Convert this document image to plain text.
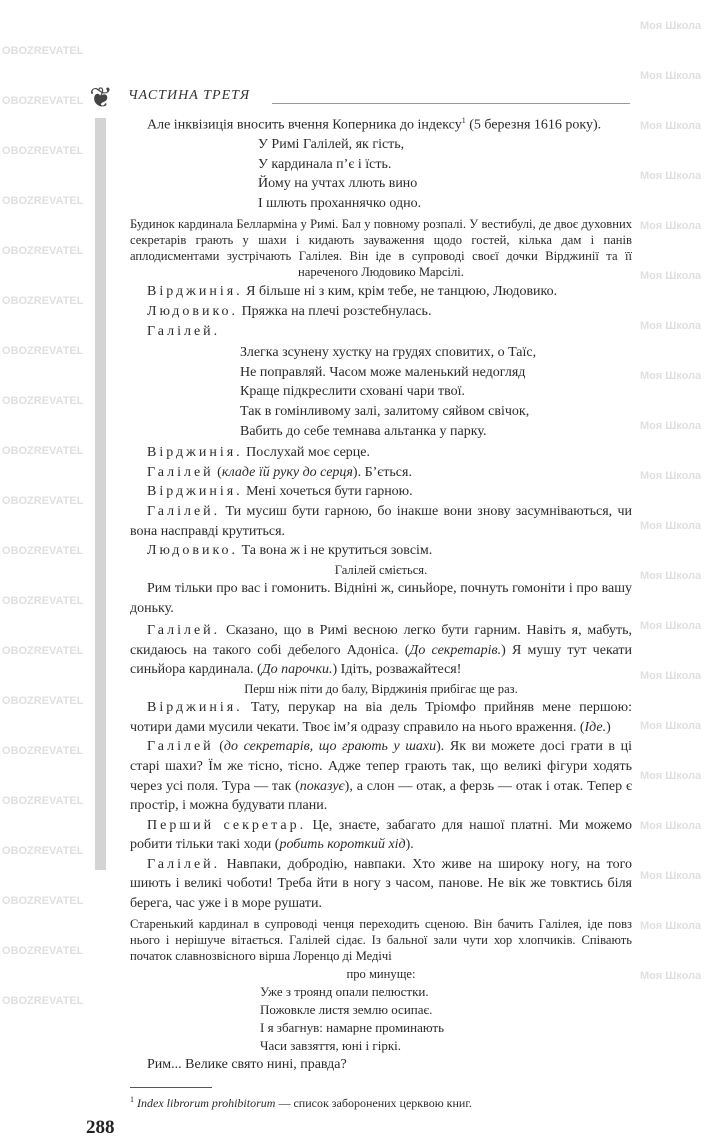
❦	ЧАСТИНА ТРЕТЯ

Але інквізиція вносить вчення Коперника до індексу$^1$ (5 березня 1616 року).

У Римі Галілей, як гість,
У кардинала п’є і їсть.
Йому на учтах ллють вино
І шлють проханнячко одно.
Будинок кардинала Белларміна у Римі. Бал у повному розпалі. У вестибулі, де двоє духовних секретарів грають у шахи і кидають зауваження щодо гостей, кілька дам і панів аплодисментами зустрічають Галілея. Він іде в супроводі своєї дочки Вірджинії та її нареченого Людовико Марсілі.

Вірджинія. Я більше ні з ким, крім тебе, не танцюю, Людовико.

Людовико. Пряжка на плечі розстебнулась.

Галілей.

Злегка зсунену хустку на грудях сповитих, о Таїс,
Не поправляй. Часом може маленький недогляд
Краще підкреслити сховані чари твої.
Так в гомінливому залі, залитому сяйвом свічок,
Вабить до себе темнава альтанка у парку.

Вірджинія. Послухай моє серце.

Галілей (кладе їй руку до серця). Б’ється.

Вірджинія. Мені хочеться бути гарною.

Галілей. Ти мусиш бути гарною, бо інакше вони знову засумніваються, чи вона насправді крутиться.

Людовико. Та вона ж і не крутиться зовсім.

Галілей сміється.

Рим тільки про вас і гомонить. Відніні ж, синьйоре, почнуть гомоніти і про вашу доньку.

Галілей. Сказано, що в Римі весною легко бути гарним. Навіть я, мабуть, скидаюсь на такого собі дебелого Адоніса. (До секретарів.) Я мушу тут чекати синьйора кардинала. (До парочки.) Ідіть, розважайтеся!

Перш ніж піти до балу, Вірджинія прибігає ще раз.

Вірджинія. Тату, перукар на віа дель Тріомфо прийняв мене першою: чотири дами мусили чекати. Твоє ім’я одразу справило на нього враження. (Іде.)

Галілей (до секретарів, що грають у шахи). Як ви можете досі грати в ці старі шахи? Їм же тісно, тісно. Адже тепер грають так, що великі фігури ходять через усі поля. Тура — так (показує), а слон — отак, а ферзь — отак і отак. Тепер є простір, і можна будувати плани.

Перший секретар. Це, знаєте, забагато для нашої платні. Ми можемо робити тільки такі ходи (робить короткий хід).

Галілей. Навпаки, добродію, навпаки. Хто живе на широку ногу, на того шиють і великі чоботи! Треба йти в ногу з часом, панове. Не вік же товктись біля берега, час уже і в море рушати.

Старенький кардинал в супроводі ченця переходить сценою. Він бачить Галілея, іде повз нього і нерішуче вітається. Галілей сідає. Із бальної зали чути хор хлопчиків. Співають початок славнозвісного вірша Лоренцо ді Медічі
про минуще:
Уже з троянд опали пелюстки.
Пожовкле листя землю осипає.
І я збагнув: намарне проминають
Часи завзяття, юні і гіркі.

Рим... Велике свято нині, правда?

$^1$ Index librorum prohibitorum — список заборонених церквою книг.
288
OBOZREVATEL
Моя Школа
OBOZREVATEL
Моя Школа
OBOZREVATEL
Моя Школа
OBOZREVATEL
Моя Школа
OBOZREVATEL
Моя Школа
OBOZREVATEL
Моя Школа
OBOZREVATEL
Моя Школа
OBOZREVATEL
Моя Школа
OBOZREVATEL
Моя Школа
OBOZREVATEL
Моя Школа
OBOZREVATEL
Моя Школа
OBOZREVATEL
Моя Школа
OBOZREVATEL
Моя Школа
OBOZREVATEL
Моя Школа
OBOZREVATEL
Моя Школа
OBOZREVATEL
Моя Школа
OBOZREVATEL
Моя Школа
OBOZREVATEL
Моя Школа
OBOZREVATEL
Моя Школа
OBOZREVATEL
Моя Школа
